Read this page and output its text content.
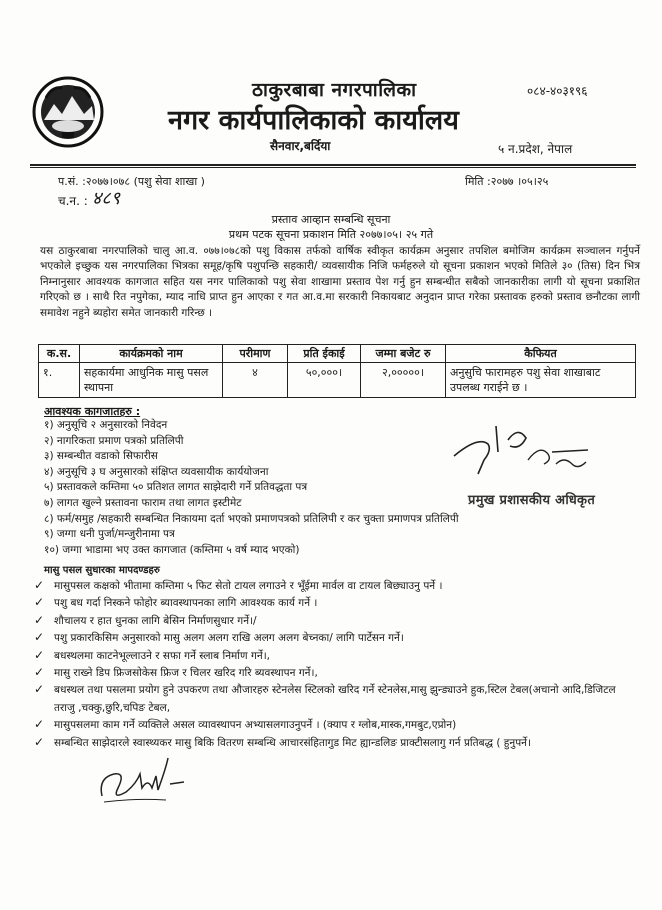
ठाकुरबाबा नगरपालिका
नगर कार्यपालिकाको कार्यालय
सैनवार,बर्दिया
०८४-४०३१९६
५ न.प्रदेश, नेपाल
प.सं. :२०७७।०७८ (पशु सेवा शाखा )	मिति :२०७७ ।०५।२५
च.न. : ४८९
प्रस्ताव आव्हान सम्बन्धि सूचना
प्रथम पटक सूचना प्रकाशन मिति २०७७।०५। २५ गते
यस ठाकुरबाबा नगरपालिको चालु आ.व. ०७७।०७८को पशु विकास तर्फको वार्षिक स्वीकृत कार्यक्रम अनुसार तपशिल बमोजिम कार्यक्रम सञ्चालन गर्नुपर्ने भएकोले इच्छुक यस नगरपालिका भित्रका समूह/कृषि पशुपन्छि सहकारी/ व्यवसायीक निजि फर्महरुले यो सूचना प्रकाशन भएको मितिले ३० (तिस) दिन भित्र निम्नानुसार आवश्यक कागजात सहित यस नगर पालिकाको पशु सेवा शाखामा प्रस्ताव पेश गर्नु हुन सम्बन्धीत सबैको जानकारीका लागी यो सूचना प्रकाशित गरिएको छ । साथै रित नपुगेका, म्याद नाधि प्राप्त हुन आएका र गत आ.व.मा सरकारी निकायबाट अनुदान प्राप्त गरेका प्रस्तावक हरुको प्रस्ताव छनौटका लागी समावेश नहुने ब्यहोरा समेत जानकारी गरिन्छ ।
क.स.	कार्यक्रमको नाम	परीमाण	प्रति ईकाई	जम्मा बजेट रु	कैफियत
१.	सहकार्यमा आधुनिक मासु पसल स्थापना	४	५०,०००।	२,०००००।	अनुसुचि फारामहरु पशु सेवा शाखाबाट उपलब्ध गराईने छ ।
आवश्यक कागजातहरु :
१) अनुसूचि २ अनुसारको निवेदन
२) नागरिकता प्रमाण पत्रको प्रतिलिपी
३) सम्बन्धीत वडाको सिफारीस
४) अनुसूचि ३ घ अनुसारको संक्षिप्त व्यवसायीक कार्ययोजना
५) प्रस्तावकले कम्तिमा ५० प्रतिशत लागत साझेदारी गर्ने प्रतिवद्धता पत्र
७) लागत खुल्ने प्रस्तावना फाराम तथा लागत इस्टीमेट
८) फर्म/समुह /सहकारी सम्बन्धित निकायमा दर्ता भएको प्रमाणपत्रको प्रतिलिपी र कर चुक्ता प्रमाणपत्र प्रतिलिपी
९) जग्गा धनी पुर्जा/मन्जुरीनामा पत्र
१०) जग्गा भाडामा भए उक्त कागजात (कम्तिमा ५ वर्ष म्याद भएको)
प्रमुख प्रशासकीय अधिकृत
मासु पसल सुधारका मापदण्डहरु
✓ मासुपसल कक्षको भीतामा कम्तिमा ५ फिट सेतो टायल लगाउने र भूँईमा मार्वल वा टायल बिछ्याउनु पर्ने ।
✓ पशु बध गर्दा निस्कने फोहोर ब्यावस्थापनका लागि आवश्यक कार्य गर्ने ।
✓ शौचालय र हात धुनका लागि बेसिन निर्माणसुधार गर्ने।/
✓ पशु प्रकारकिसिम अनुसारको मासु अलग अलग राखि अलग अलग बेच्नका/ लागि पार्टेसन गर्ने।
✓ बधस्थलमा काटनेभूल्लाउने र सफा गर्ने स्लाब निर्माण गर्ने।,
✓ मासु राख्ने डिप फ्रिजसोकेस फ्रिज र चिलर खरिद गरि ब्यवस्थापन गर्ने।,
✓ बधस्थल तथा पसलमा प्रयोग हुने उपकरण तथा औजारहरु स्टेनलेस स्टिलको खरिद गर्ने स्टेनलेस,मासु झुन्ड्याउने हुक,स्टिल टेबल(अचानो आदि,डिजिटल तराजु ,चक्कु,छुरि,चपिङ टेबल,
✓ मासुपसलमा काम गर्ने व्यक्तिले असल व्यावस्थापन अभ्यासलगाउनुपर्ने । (क्याप र ग्लोब,मास्क,गमबुट,एप्रोन)
✓ सम्बन्धित साझेदारले स्वास्थ्यकर मासु बिकि वितरण सम्बन्धि आचारसंहितागुड मिट ह्यान्डलिङ प्राक्टीसलागु गर्न प्रतिबद्ध ( हुनुपर्ने।
